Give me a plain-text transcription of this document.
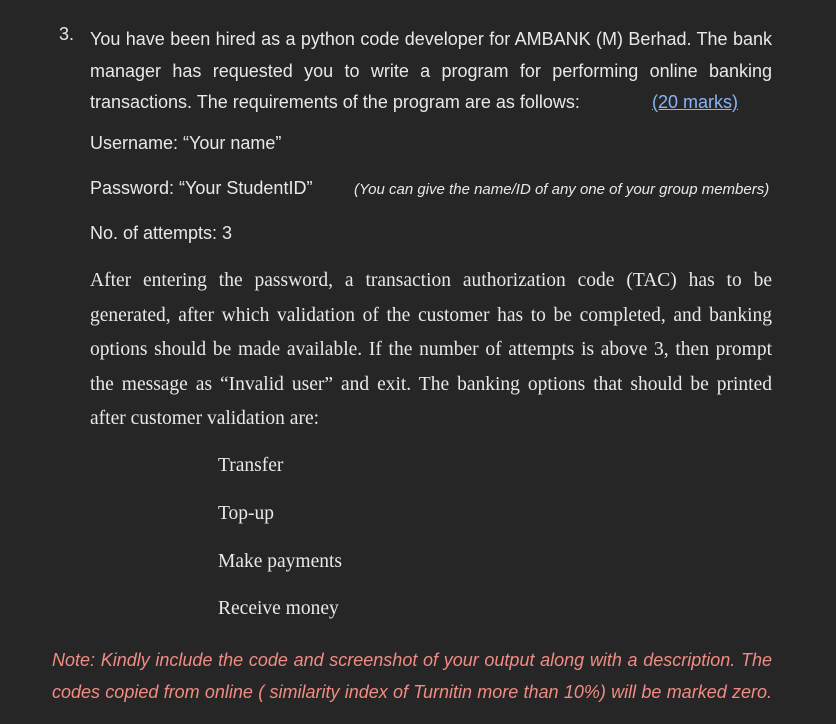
3. You have been hired as a python code developer for AMBANK (M) Berhad. The bank
manager has requested you to write a program for performing online banking
transactions. The requirements of the program are as follows:	(20 marks)
Username: “Your name”
Password: “Your StudentID”	(You can give the name/ID of any one of your group members)
No. of attempts: 3
After entering the password, a transaction authorization code (TAC) has to be
generated, after which validation of the customer has to be completed, and banking
options should be made available. If the number of attempts is above 3, then prompt
the message as “Invalid user” and exit. The banking options that should be printed
after customer validation are:
Transfer
Top-up
Make payments
Receive money
Note: Kindly include the code and screenshot of your output along with a description. The
codes copied from online ( similarity index of Turnitin more than 10%) will be marked zero.
